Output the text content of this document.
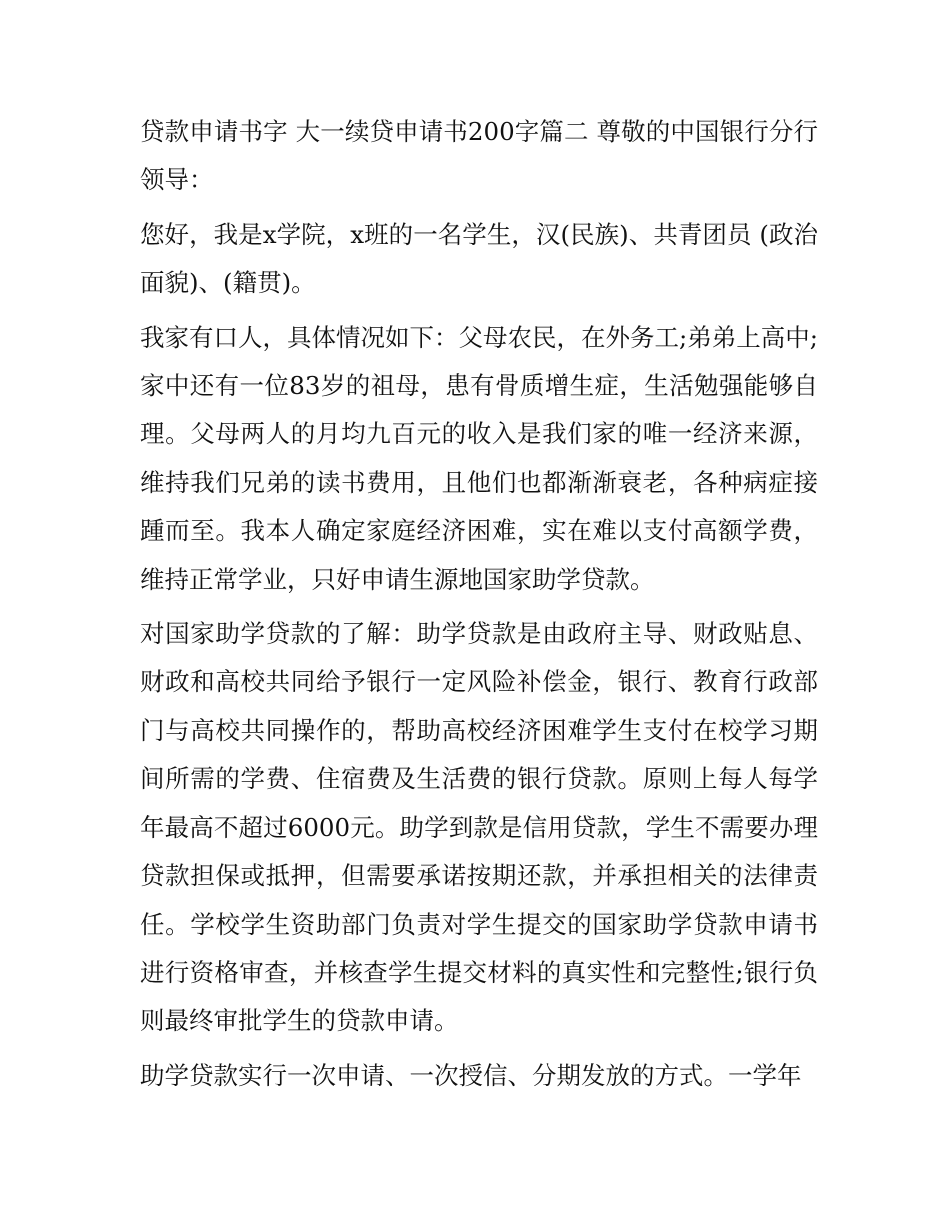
贷款申请书字 大一续贷申请书200字篇二 尊敬的中国银行分行领导：

您好，我是x学院，x班的一名学生，汉(民族)、共青团员 (政治面貌)、(籍贯)。

我家有口人，具体情况如下：父母农民，在外务工;弟弟上高中;家中还有一位83岁的祖母，患有骨质增生症，生活勉强能够自理。父母两人的月均九百元的收入是我们家的唯一经济来源，维持我们兄弟的读书费用，且他们也都渐渐衰老，各种病症接踵而至。我本人确定家庭经济困难，实在难以支付高额学费，维持正常学业，只好申请生源地国家助学贷款。

对国家助学贷款的了解：助学贷款是由政府主导、财政贴息、财政和高校共同给予银行一定风险补偿金，银行、教育行政部门与高校共同操作的，帮助高校经济困难学生支付在校学习期间所需的学费、住宿费及生活费的银行贷款。原则上每人每学年最高不超过6000元。助学到款是信用贷款，学生不需要办理贷款担保或抵押，但需要承诺按期还款，并承担相关的法律责任。学校学生资助部门负责对学生提交的国家助学贷款申请书进行资格审查，并核查学生提交材料的真实性和完整性;银行负则最终审批学生的贷款申请。

助学贷款实行一次申请、一次授信、分期发放的方式。一学年
